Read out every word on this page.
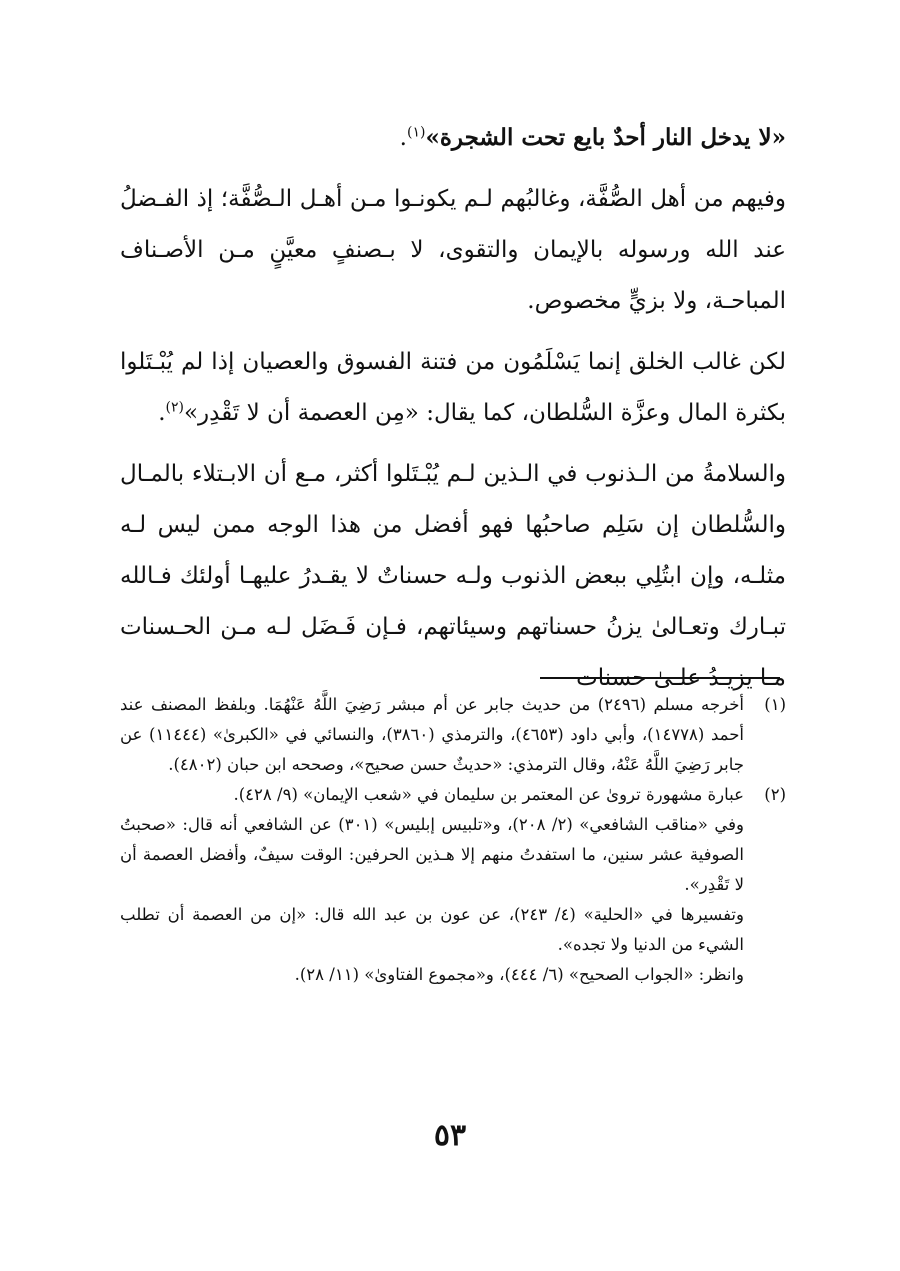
«لا يدخل النار أحدٌ بايع تحت الشجرة»$^{(١)}$.

وفيهم من أهل الصُّفَّة، وغالبُهم لـم يكونـوا مـن أهـل الـصُّفَّة؛ إذ الفـضلُ عند الله ورسوله بالإيمان والتقوى، لا بـصنفٍ معيَّنٍ مـن الأصـناف المباحـة، ولا بزيٍّ مخصوص.

لكن غالب الخلق إنما يَسْلَمُون من فتنة الفسوق والعصيان إذا لم يُبْـتَلوا بكثرة المال وعزَّة السُّلطان، كما يقال: «مِن العصمة أن لا تَقْدِر»$^{(٢)}$.

والسلامةُ من الـذنوب في الـذين لـم يُبْـتَلوا أكثر، مـع أن الابـتلاء بالمـال والسُّلطان إن سَلِم صاحبُها فهو أفضل من هذا الوجه ممن ليس لـه مثلـه، وإن ابتُلِي ببعض الذنوب ولـه حسناتٌ لا يقـدرُ عليهـا أولئك فـالله تبـارك وتعـالىٰ يزنُ حسناتهم وسيئاتهم، فـإن فَـضَل لـه مـن الحـسنات مـا يزيـدُ علـىٰ حسنات

(١)

أخرجه مسلم (٢٤٩٦) من حديث جابر عن أم مبشر رَضِيَ اللَّهُ عَنْهُمَا. وبلفظ المصنف عند أحمد (١٤٧٧٨)، وأبي داود (٤٦٥٣)، والترمذي (٣٨٦٠)، والنسائي في «الكبرىٰ» (١١٤٤٤) عن جابر رَضِيَ اللَّهُ عَنْهُ، وقال الترمذي: «حديثٌ حسن صحيح»، وصححه ابن حبان (٤٨٠٢).

(٢)

عبارة مشهورة تروىٰ عن المعتمر بن سليمان في «شعب الإيمان» (٩/ ٤٢٨).

وفي «مناقب الشافعي» (٢/ ٢٠٨)، و«تلبيس إبليس» (٣٠١) عن الشافعي أنه قال: «صحبتُ الصوفية عشر سنين، ما استفدتُ منهم إلا هـذين الحرفين: الوقت سيفٌ، وأفضل العصمة أن لا تَقْدِر».

وتفسيرها في «الحلية» (٤/ ٢٤٣)، عن عون بن عبد الله قال: «إن من العصمة أن تطلب الشيء من الدنيا ولا تجده».

وانظر: «الجواب الصحيح» (٦/ ٤٤٤)، و«مجموع الفتاوىٰ» (١١/ ٢٨).

٥٣
